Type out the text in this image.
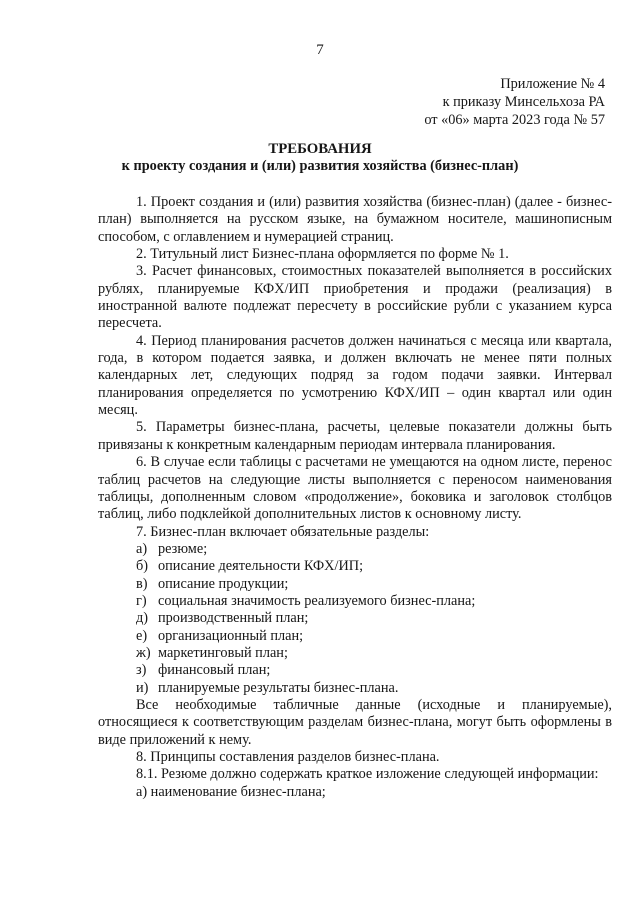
7
Приложение № 4
к приказу Минсельхоза РА
от «06» марта 2023 года № 57
ТРЕБОВАНИЯ
к проекту создания и (или) развития хозяйства (бизнес-план)

1. Проект создания и (или) развития хозяйства (бизнес-план) (далее - бизнес-план) выполняется на русском языке, на бумажном носителе, машинописным способом, с оглавлением и нумерацией страниц.

2. Титульный лист Бизнес-плана оформляется по форме № 1.

3. Расчет финансовых, стоимостных показателей выполняется в российских рублях, планируемые КФХ/ИП приобретения и продажи (реализация) в иностранной валюте подлежат пересчету в российские рубли с указанием курса пересчета.

4. Период планирования расчетов должен начинаться с месяца или квартала, года, в котором подается заявка, и должен включать не менее пяти полных календарных лет, следующих подряд за годом подачи заявки. Интервал планирования определяется по усмотрению КФХ/ИП – один квартал или один месяц.

5. Параметры бизнес-плана, расчеты, целевые показатели должны быть привязаны к конкретным календарным периодам интервала планирования.

6. В случае если таблицы с расчетами не умещаются на одном листе, перенос таблиц расчетов на следующие листы выполняется с переносом наименования таблицы, дополненным словом «продолжение», боковика и заголовок столбцов таблиц, либо подклейкой дополнительных листов к основному листу.

7. Бизнес-план включает обязательные разделы:

а) резюме;

б) описание деятельности КФХ/ИП;

в) описание продукции;

г) социальная значимость реализуемого бизнес-плана;

д) производственный план;

е) организационный план;

ж) маркетинговый план;

з) финансовый план;

и) планируемые результаты бизнес-плана.

Все необходимые табличные данные (исходные и планируемые), относящиеся к соответствующим разделам бизнес-плана, могут быть оформлены в виде приложений к нему.

8. Принципы составления разделов бизнес-плана.

8.1. Резюме должно содержать краткое изложение следующей информации:

а) наименование бизнес-плана;
